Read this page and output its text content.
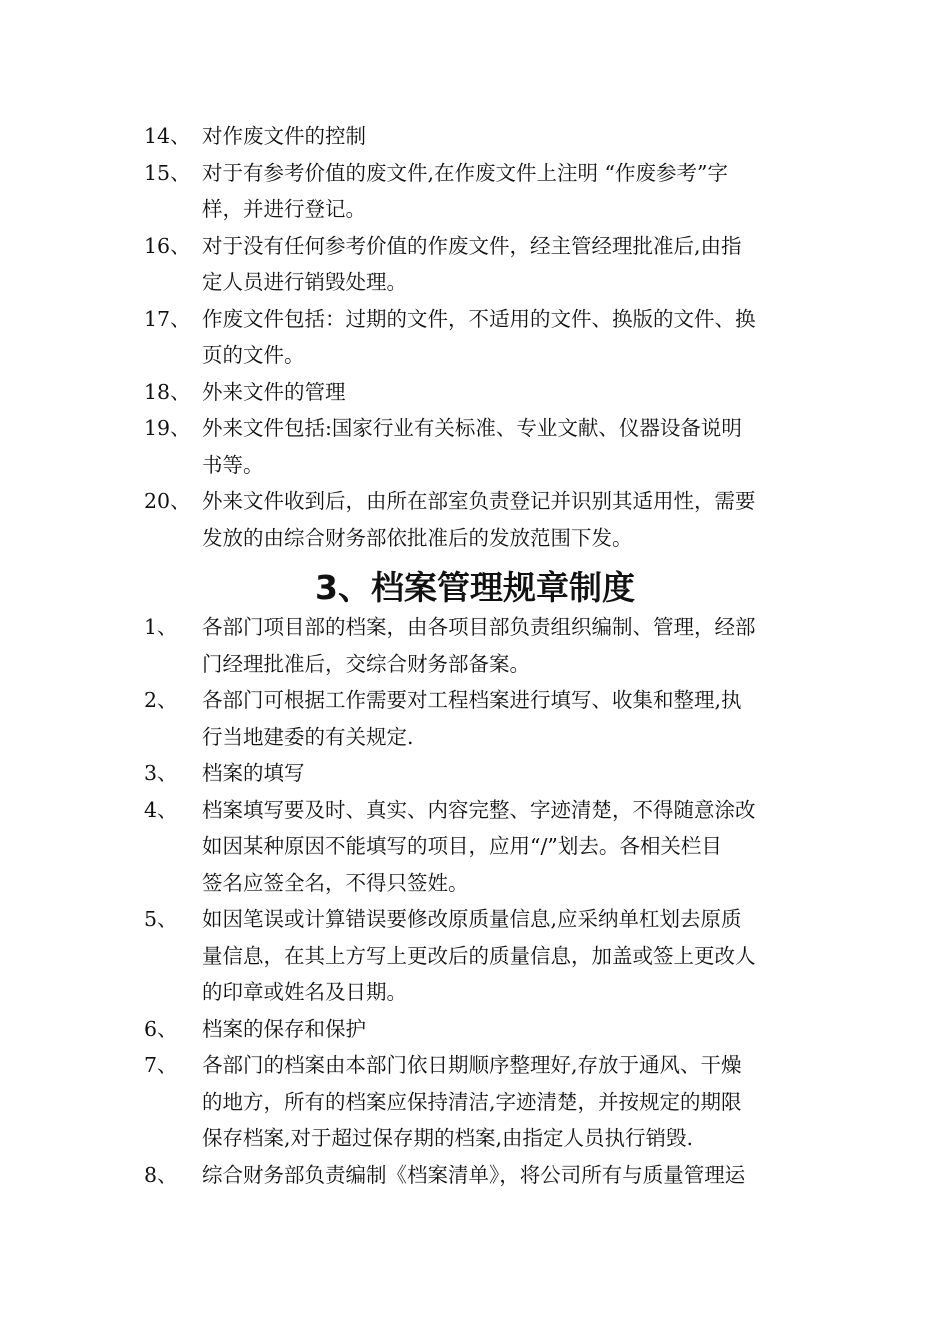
14、 对作废文件的控制
15、 对于有参考价值的废文件,在作废文件上注明 “作废参考”字
样，并进行登记。
16、 对于没有任何参考价值的作废文件，经主管经理批准后,由指
定人员进行销毁处理。
17、 作废文件包括：过期的文件，不适用的文件、换版的文件、换
页的文件。
18、 外来文件的管理
19、 外来文件包括:国家行业有关标准、专业文献、仪器设备说明
书等。
20、 外来文件收到后，由所在部室负责登记并识别其适用性，需要
发放的由综合财务部依批准后的发放范围下发。
3、档案管理规章制度
1、	各部门项目部的档案，由各项目部负责组织编制、管理，经部
门经理批准后，交综合财务部备案。
2、	各部门可根据工作需要对工程档案进行填写、收集和整理,执
行当地建委的有关规定.
3、	档案的填写
4、	档案填写要及时、真实、内容完整、字迹清楚，不得随意涂改
如因某种原因不能填写的项目，应用“/”划去。各相关栏目
签名应签全名，不得只签姓。
5、	如因笔误或计算错误要修改原质量信息,应采纳单杠划去原质
量信息，在其上方写上更改后的质量信息，加盖或签上更改人
的印章或姓名及日期。
6、	档案的保存和保护
7、	各部门的档案由本部门依日期顺序整理好,存放于通风、干燥
的地方，所有的档案应保持清洁,字迹清楚，并按规定的期限
保存档案,对于超过保存期的档案,由指定人员执行销毁.
8、	综合财务部负责编制《档案清单》，将公司所有与质量管理运
